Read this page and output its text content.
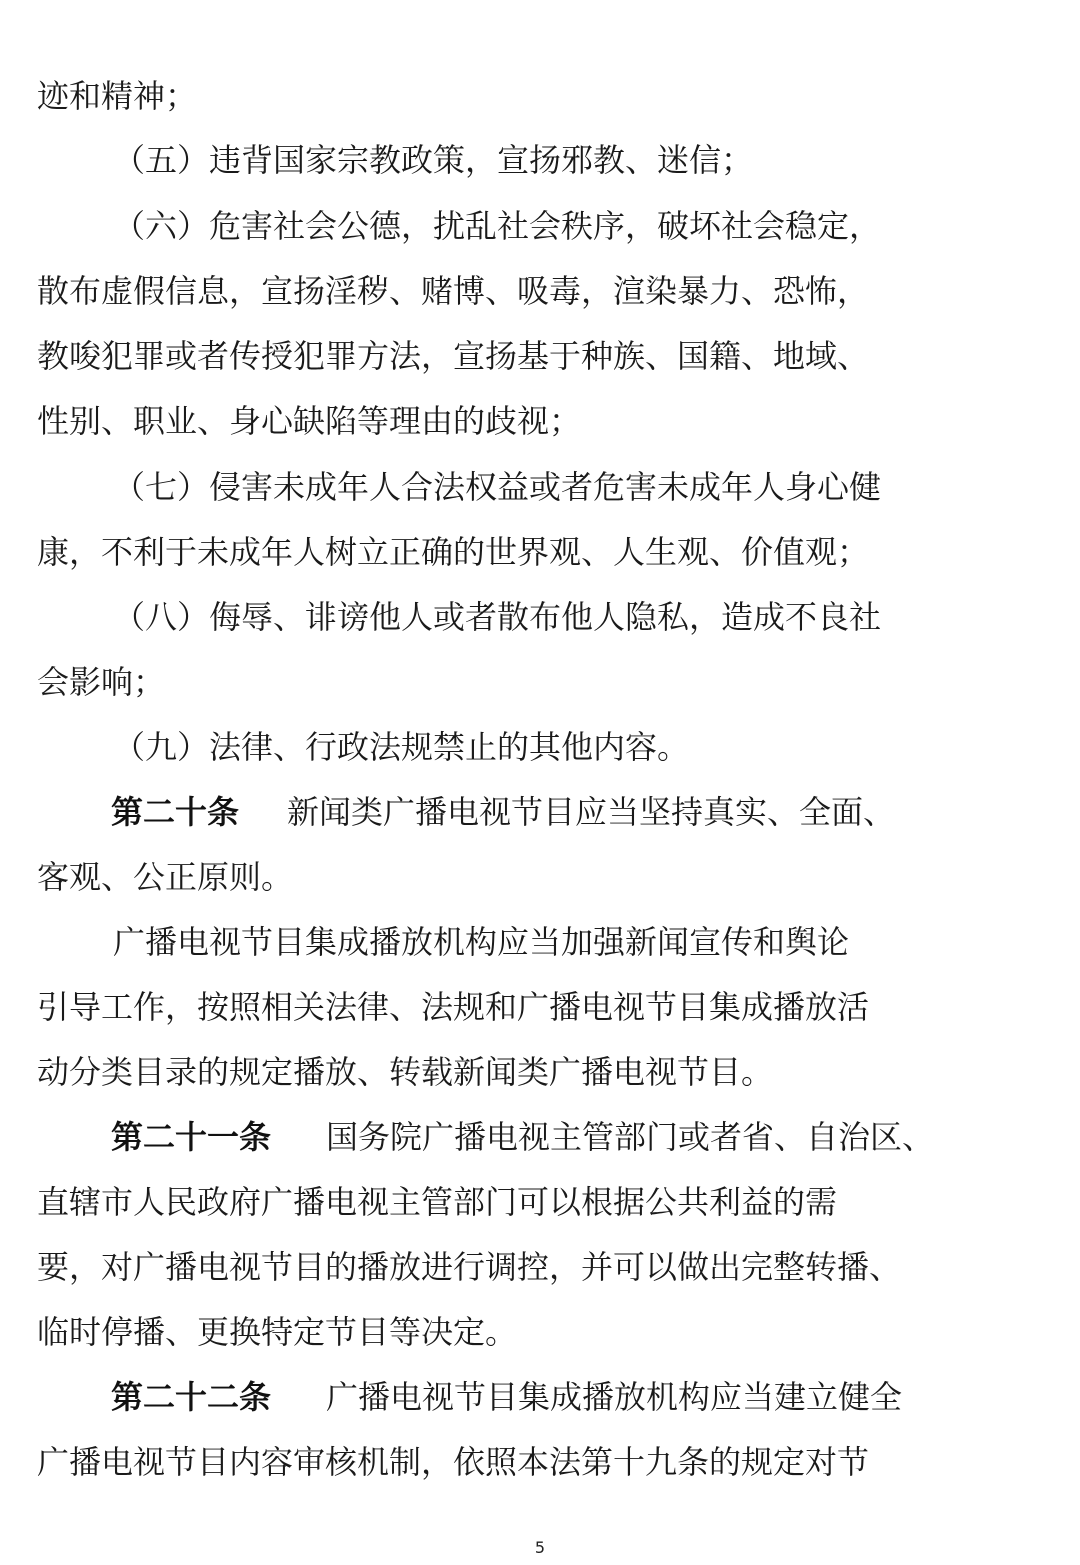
迹和精神；
（五）违背国家宗教政策，宣扬邪教、迷信；
（六）危害社会公德，扰乱社会秩序，破坏社会稳定，
散布虚假信息，宣扬淫秽、赌博、吸毒，渲染暴力、恐怖，
教唆犯罪或者传授犯罪方法，宣扬基于种族、国籍、地域、
性别、职业、身心缺陷等理由的歧视；
（七）侵害未成年人合法权益或者危害未成年人身心健
康，不利于未成年人树立正确的世界观、人生观、价值观；
（八）侮辱、诽谤他人或者散布他人隐私，造成不良社
会影响；
（九）法律、行政法规禁止的其他内容。
第二十条 新闻类广播电视节目应当坚持真实、全面、
客观、公正原则。
广播电视节目集成播放机构应当加强新闻宣传和舆论
引导工作，按照相关法律、法规和广播电视节目集成播放活
动分类目录的规定播放、转载新闻类广播电视节目。
第二十一条 国务院广播电视主管部门或者省、自治区、
直辖市人民政府广播电视主管部门可以根据公共利益的需
要，对广播电视节目的播放进行调控，并可以做出完整转播、
临时停播、更换特定节目等决定。
第二十二条 广播电视节目集成播放机构应当建立健全
广播电视节目内容审核机制，依照本法第十九条的规定对节
5
